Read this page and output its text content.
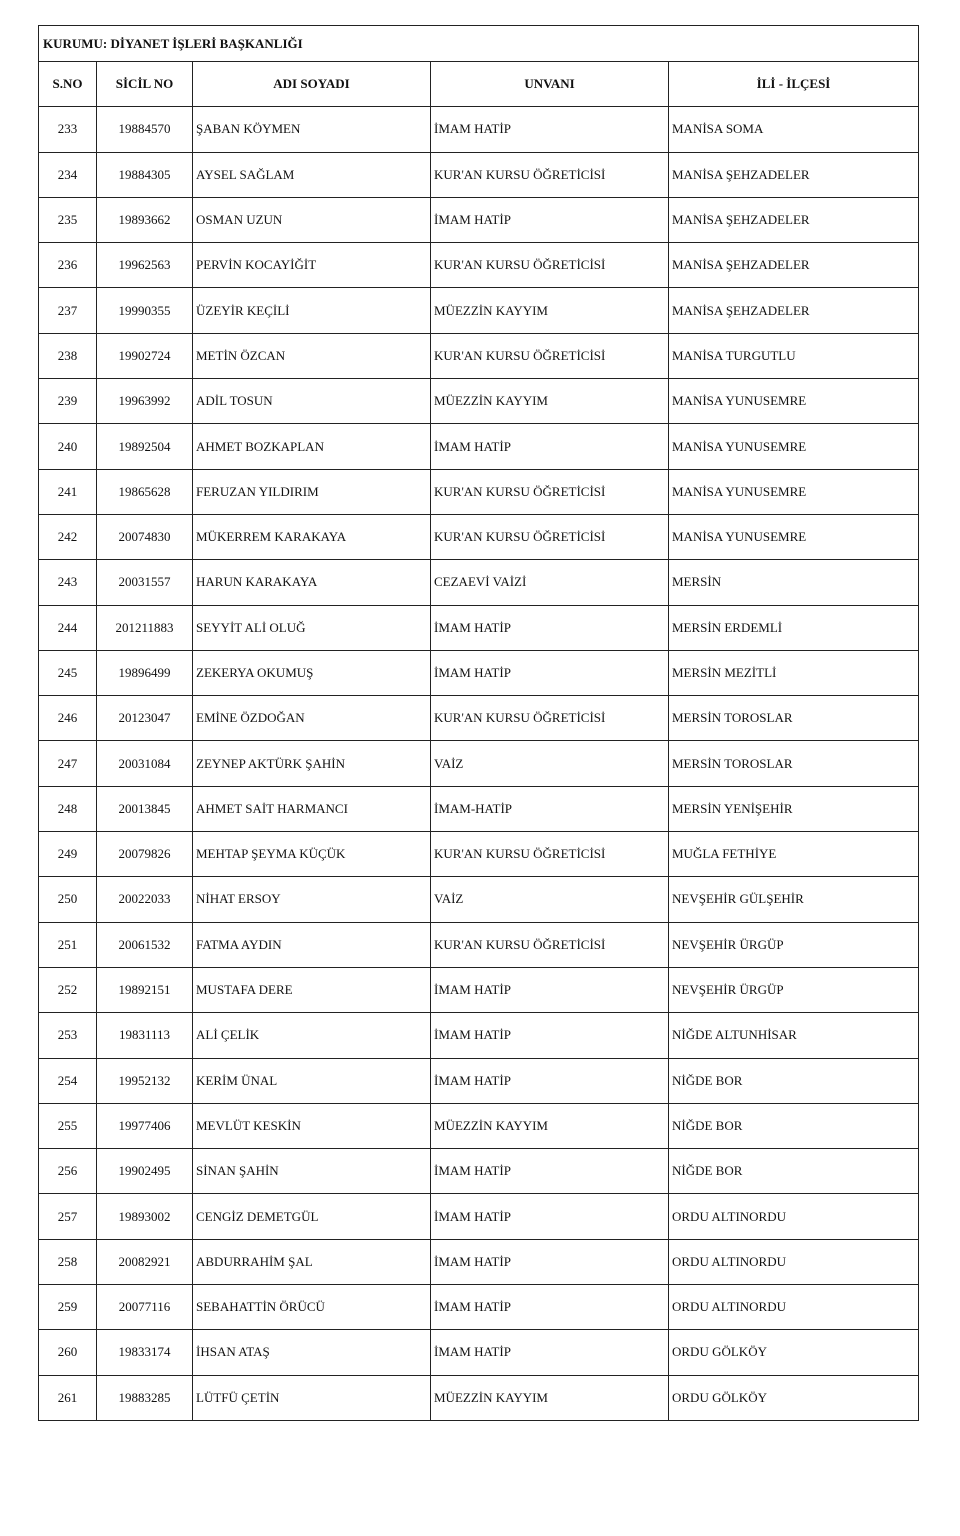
KURUMU: DİYANET İŞLERİ BAŞKANLIĞI				
S.NO	SİCİL NO	ADI SOYADI	UNVANI	İLİ - İLÇESİ
233	19884570	ŞABAN KÖYMEN	İMAM HATİP	MANİSA SOMA
234	19884305	AYSEL SAĞLAM	KUR'AN KURSU ÖĞRETİCİSİ	MANİSA ŞEHZADELER
235	19893662	OSMAN UZUN	İMAM HATİP	MANİSA ŞEHZADELER
236	19962563	PERVİN KOCAYİĞİT	KUR'AN KURSU ÖĞRETİCİSİ	MANİSA ŞEHZADELER
237	19990355	ÜZEYİR KEÇİLİ	MÜEZZİN KAYYIM	MANİSA ŞEHZADELER
238	19902724	METİN ÖZCAN	KUR'AN KURSU ÖĞRETİCİSİ	MANİSA TURGUTLU
239	19963992	ADİL TOSUN	MÜEZZİN KAYYIM	MANİSA YUNUSEMRE
240	19892504	AHMET BOZKAPLAN	İMAM HATİP	MANİSA YUNUSEMRE
241	19865628	FERUZAN YILDIRIM	KUR'AN KURSU ÖĞRETİCİSİ	MANİSA YUNUSEMRE
242	20074830	MÜKERREM KARAKAYA	KUR'AN KURSU ÖĞRETİCİSİ	MANİSA YUNUSEMRE
243	20031557	HARUN KARAKAYA	CEZAEVİ VAİZİ	MERSİN
244	201211883	SEYYİT ALİ OLUĞ	İMAM HATİP	MERSİN ERDEMLİ
245	19896499	ZEKERYA OKUMUŞ	İMAM HATİP	MERSİN MEZİTLİ
246	20123047	EMİNE ÖZDOĞAN	KUR'AN KURSU ÖĞRETİCİSİ	MERSİN TOROSLAR
247	20031084	ZEYNEP AKTÜRK ŞAHİN	VAİZ	MERSİN TOROSLAR
248	20013845	AHMET SAİT HARMANCI	İMAM-HATİP	MERSİN YENİŞEHİR
249	20079826	MEHTAP ŞEYMA KÜÇÜK	KUR'AN KURSU ÖĞRETİCİSİ	MUĞLA FETHİYE
250	20022033	NİHAT ERSOY	VAİZ	NEVŞEHİR GÜLŞEHİR
251	20061532	FATMA AYDIN	KUR'AN KURSU ÖĞRETİCİSİ	NEVŞEHİR ÜRGÜP
252	19892151	MUSTAFA DERE	İMAM HATİP	NEVŞEHİR ÜRGÜP
253	19831113	ALİ ÇELİK	İMAM HATİP	NİĞDE ALTUNHİSAR
254	19952132	KERİM ÜNAL	İMAM HATİP	NİĞDE BOR
255	19977406	MEVLÜT KESKİN	MÜEZZİN KAYYIM	NİĞDE BOR
256	19902495	SİNAN ŞAHİN	İMAM HATİP	NİĞDE BOR
257	19893002	CENGİZ DEMETGÜL	İMAM HATİP	ORDU ALTINORDU
258	20082921	ABDURRAHİM ŞAL	İMAM HATİP	ORDU ALTINORDU
259	20077116	SEBAHATTİN ÖRÜCÜ	İMAM HATİP	ORDU ALTINORDU
260	19833174	İHSAN ATAŞ	İMAM HATİP	ORDU GÖLKÖY
261	19883285	LÜTFÜ ÇETİN	MÜEZZİN KAYYIM	ORDU GÖLKÖY
